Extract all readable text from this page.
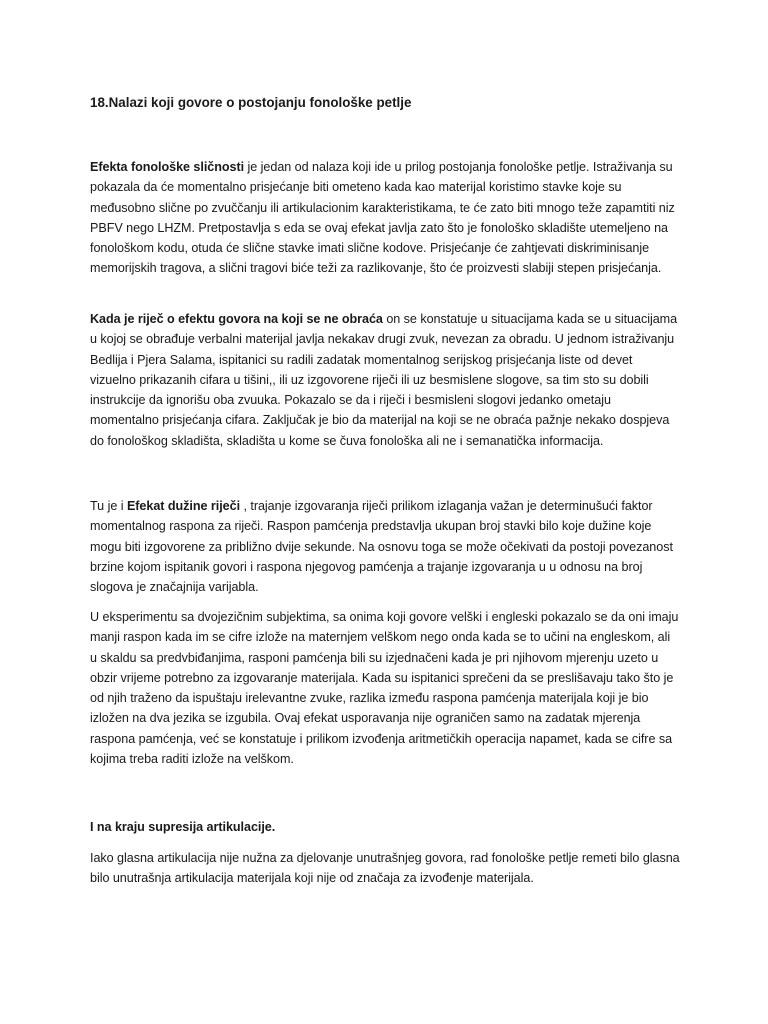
18.Nalazi koji govore o postojanju fonološke petlje

Efekta fonološke sličnosti je jedan od nalaza koji ide u prilog postojanja fonološke petlje. Istraživanja su pokazala da će momentalno prisjećanje biti ometeno kada kao materijal koristimo stavke koje su međusobno slične po zvuččanju ili artikulacionim karakteristikama, te će zato biti mnogo teže zapamtiti niz PBFV nego LHZM. Pretpostavlja s eda se ovaj efekat javlja zato što je fonološko skladište utemeljeno na fonološkom kodu, otuda će slične stavke imati slične kodove. Prisjećanje će zahtjevati diskriminisanje memorijskih tragova, a slični tragovi biće teži za razlikovanje, što će proizvesti slabiji stepen prisjećanja.

Kada je riječ o efektu govora na koji se ne obraća on se konstatuje u situacijama kada se u situacijama u kojoj se obrađuje verbalni materijal javlja nekakav drugi zvuk, nevezan za obradu. U jednom istraživanju Bedlija i Pjera Salama, ispitanici su radili zadatak momentalnog serijskog prisjećanja liste od devet vizuelno prikazanih cifara u tišini,, ili uz izgovorene riječi ili uz besmislene slogove, sa tim sto su dobili instrukcije da ignorišu oba zvuuka. Pokazalo se da i riječi i besmisleni slogovi jedanko ometaju momentalno prisjećanja cifara. Zaključak je bio da materijal na koji se ne obraća pažnje nekako dospjeva do fonološkog skladišta, skladišta u kome se čuva fonološka ali ne i semanatička informacija.

Tu je i Efekat dužine riječi , trajanje izgovaranja riječi prilikom izlaganja važan je determinušući faktor momentalnog raspona za riječi. Raspon pamćenja predstavlja ukupan broj stavki bilo koje dužine koje mogu biti izgovorene za približno dvije sekunde. Na osnovu toga se može očekivati da postoji povezanost brzine kojom ispitanik govori i raspona njegovog pamćenja a trajanje izgovaranja u u odnosu na broj slogova je značajnija varijabla.

U eksperimentu sa dvojezičnim subjektima, sa onima koji govore velški i engleski pokazalo se da oni imaju manji raspon kada im se cifre izlože na maternjem velškom nego onda kada se to učini na engleskom, ali u skaldu sa predvbiđanjima, rasponi pamćenja bili su izjednačeni kada je pri njihovom mjerenju uzeto u obzir vrijeme potrebno za izgovaranje materijala. Kada su ispitanici sprečeni da se preslišavaju tako što je od njih traženo da ispuštaju irelevantne zvuke, razlika između raspona pamćenja materijala koji je bio izložen na dva jezika se izgubila. Ovaj efekat usporavanja nije ograničen samo na zadatak mjerenja raspona pamćenja, već se konstatuje i prilikom izvođenja aritmetičkih operacija napamet, kada se cifre sa kojima treba raditi izlože na velškom.

I na kraju supresija artikulacije.

Iako glasna artikulacija nije nužna za djelovanje unutrašnjeg govora, rad fonološke petlje remeti bilo glasna bilo unutrašnja artikulacija materijala koji nije od značaja za izvođenje materijala.
